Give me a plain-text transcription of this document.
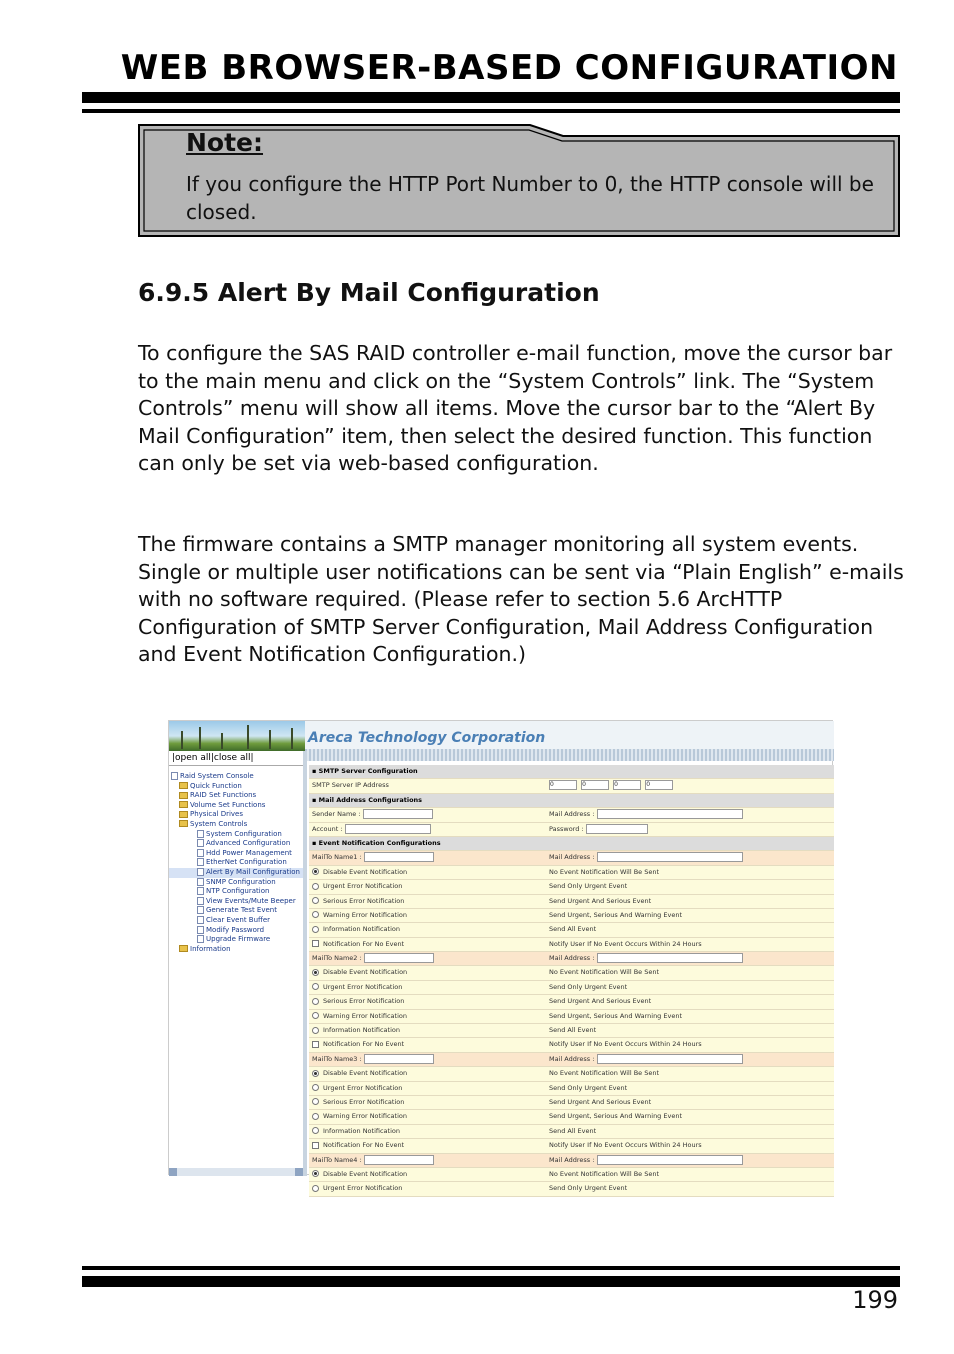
WEB BROWSER-BASED CONFIGURATION
Note:
If you configure the HTTP Port Number to 0, the HTTP console will be closed.
6.9.5 Alert By Mail Configuration
To configure the SAS RAID controller e-mail function, move the cursor bar to the main menu and click on the “System Controls” link. The “System Controls” menu will show all items. Move the cursor bar to the “Alert By Mail Configuration” item, then select the desired function. This function can only be set via web-based configuration.
The firmware contains a SMTP manager monitoring all system events. Single or multiple user notifications can be sent via “Plain English” e-mails with no software required. (Please refer to section 5.6 ArcHTTP Configuration of SMTP Server Configuration, Mail Address Configuration and Event Notification Configuration.)
Areca Technology Corporation
|open all|close all|
Raid System Console
Quick Function
RAID Set Functions
Volume Set Functions
Physical Drives
System Controls
System Configuration
Advanced Configuration
Hdd Power Management
EtherNet Configuration
Alert By Mail Configuration
SNMP Configuration
NTP Configuration
View Events/Mute Beeper
Generate Test Event
Clear Event Buffer
Modify Password
Upgrade Firmware
Information
▪ SMTP Server Configuration
SMTP Server IP Address	0	0	0	0
▪ Mail Address Configurations
Sender Name :	Mail Address :
Account :	Password :
▪ Event Notification Configurations
MailTo Name1 :	Mail Address :
Disable Event Notification	No Event Notification Will Be Sent
Urgent Error Notification	Send Only Urgent Event
Serious Error Notification	Send Urgent And Serious Event
Warning Error Notification	Send Urgent, Serious And Warning Event
Information Notification	Send All Event
Notification For No Event	Notify User If No Event Occurs Within 24 Hours
MailTo Name2 :	Mail Address :
Disable Event Notification	No Event Notification Will Be Sent
Urgent Error Notification	Send Only Urgent Event
Serious Error Notification	Send Urgent And Serious Event
Warning Error Notification	Send Urgent, Serious And Warning Event
Information Notification	Send All Event
Notification For No Event	Notify User If No Event Occurs Within 24 Hours
MailTo Name3 :	Mail Address :
Disable Event Notification	No Event Notification Will Be Sent
Urgent Error Notification	Send Only Urgent Event
Serious Error Notification	Send Urgent And Serious Event
Warning Error Notification	Send Urgent, Serious And Warning Event
Information Notification	Send All Event
Notification For No Event	Notify User If No Event Occurs Within 24 Hours
MailTo Name4 :	Mail Address :
Disable Event Notification	No Event Notification Will Be Sent
Urgent Error Notification	Send Only Urgent Event
199
